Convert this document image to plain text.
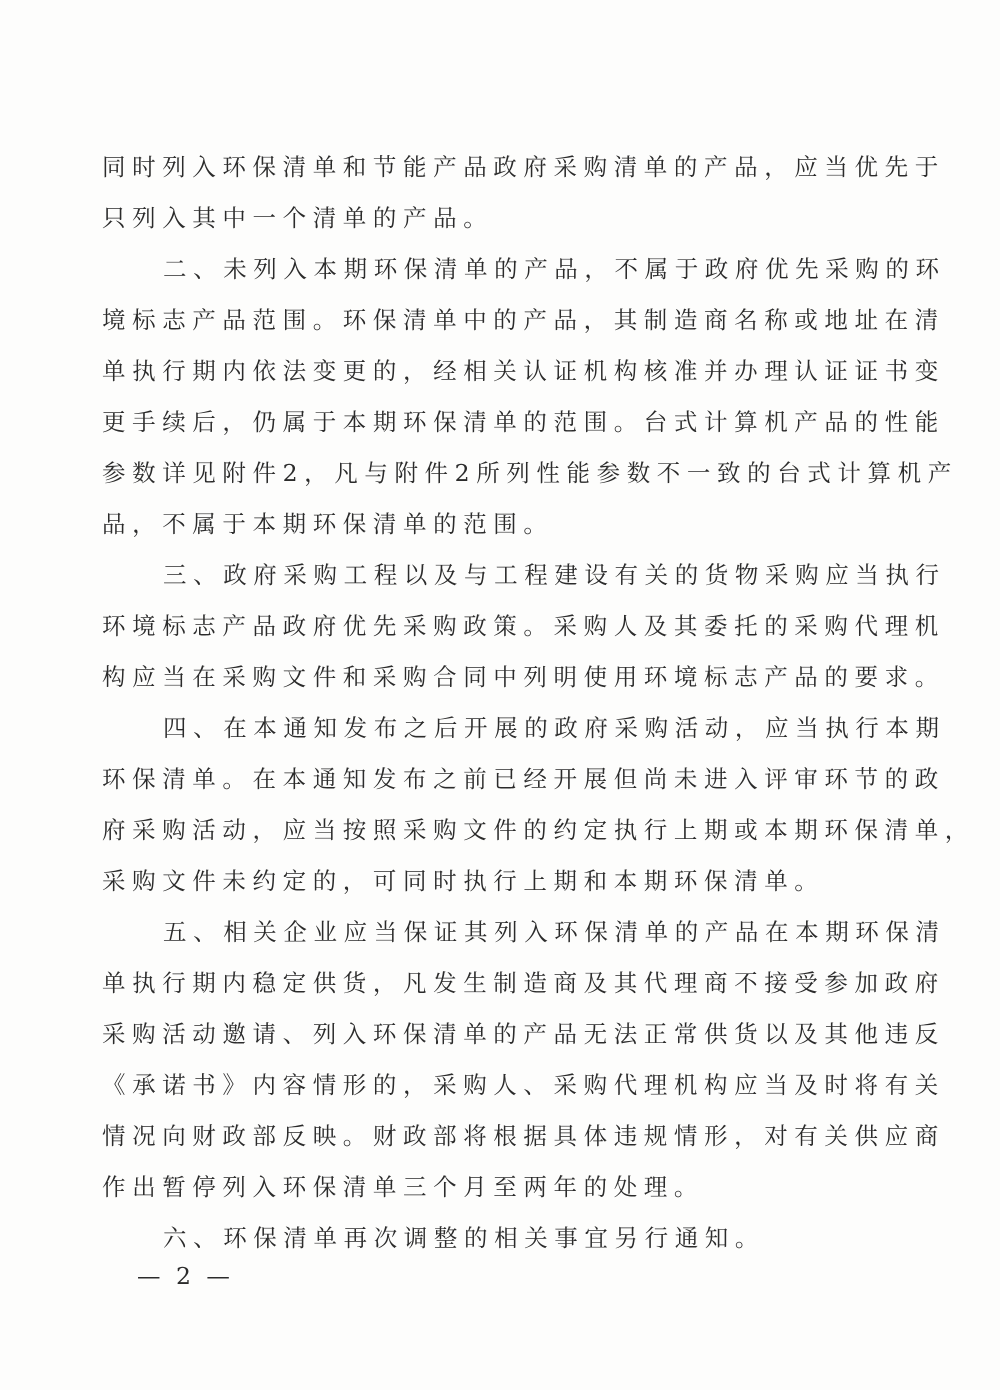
同时列入环保清单和节能产品政府采购清单的产品，应当优先于
只列入其中一个清单的产品。
二、未列入本期环保清单的产品，不属于政府优先采购的环
境标志产品范围。环保清单中的产品，其制造商名称或地址在清
单执行期内依法变更的，经相关认证机构核准并办理认证证书变
更手续后，仍属于本期环保清单的范围。台式计算机产品的性能
参数详见附件2，凡与附件2所列性能参数不一致的台式计算机产
品，不属于本期环保清单的范围。
三、政府采购工程以及与工程建设有关的货物采购应当执行
环境标志产品政府优先采购政策。采购人及其委托的采购代理机
构应当在采购文件和采购合同中列明使用环境标志产品的要求。
四、在本通知发布之后开展的政府采购活动，应当执行本期
环保清单。在本通知发布之前已经开展但尚未进入评审环节的政
府采购活动，应当按照采购文件的约定执行上期或本期环保清单，
采购文件未约定的，可同时执行上期和本期环保清单。
五、相关企业应当保证其列入环保清单的产品在本期环保清
单执行期内稳定供货，凡发生制造商及其代理商不接受参加政府
采购活动邀请、列入环保清单的产品无法正常供货以及其他违反
《承诺书》内容情形的，采购人、采购代理机构应当及时将有关
情况向财政部反映。财政部将根据具体违规情形，对有关供应商
作出暂停列入环保清单三个月至两年的处理。
六、环保清单再次调整的相关事宜另行通知。
— 2 —
